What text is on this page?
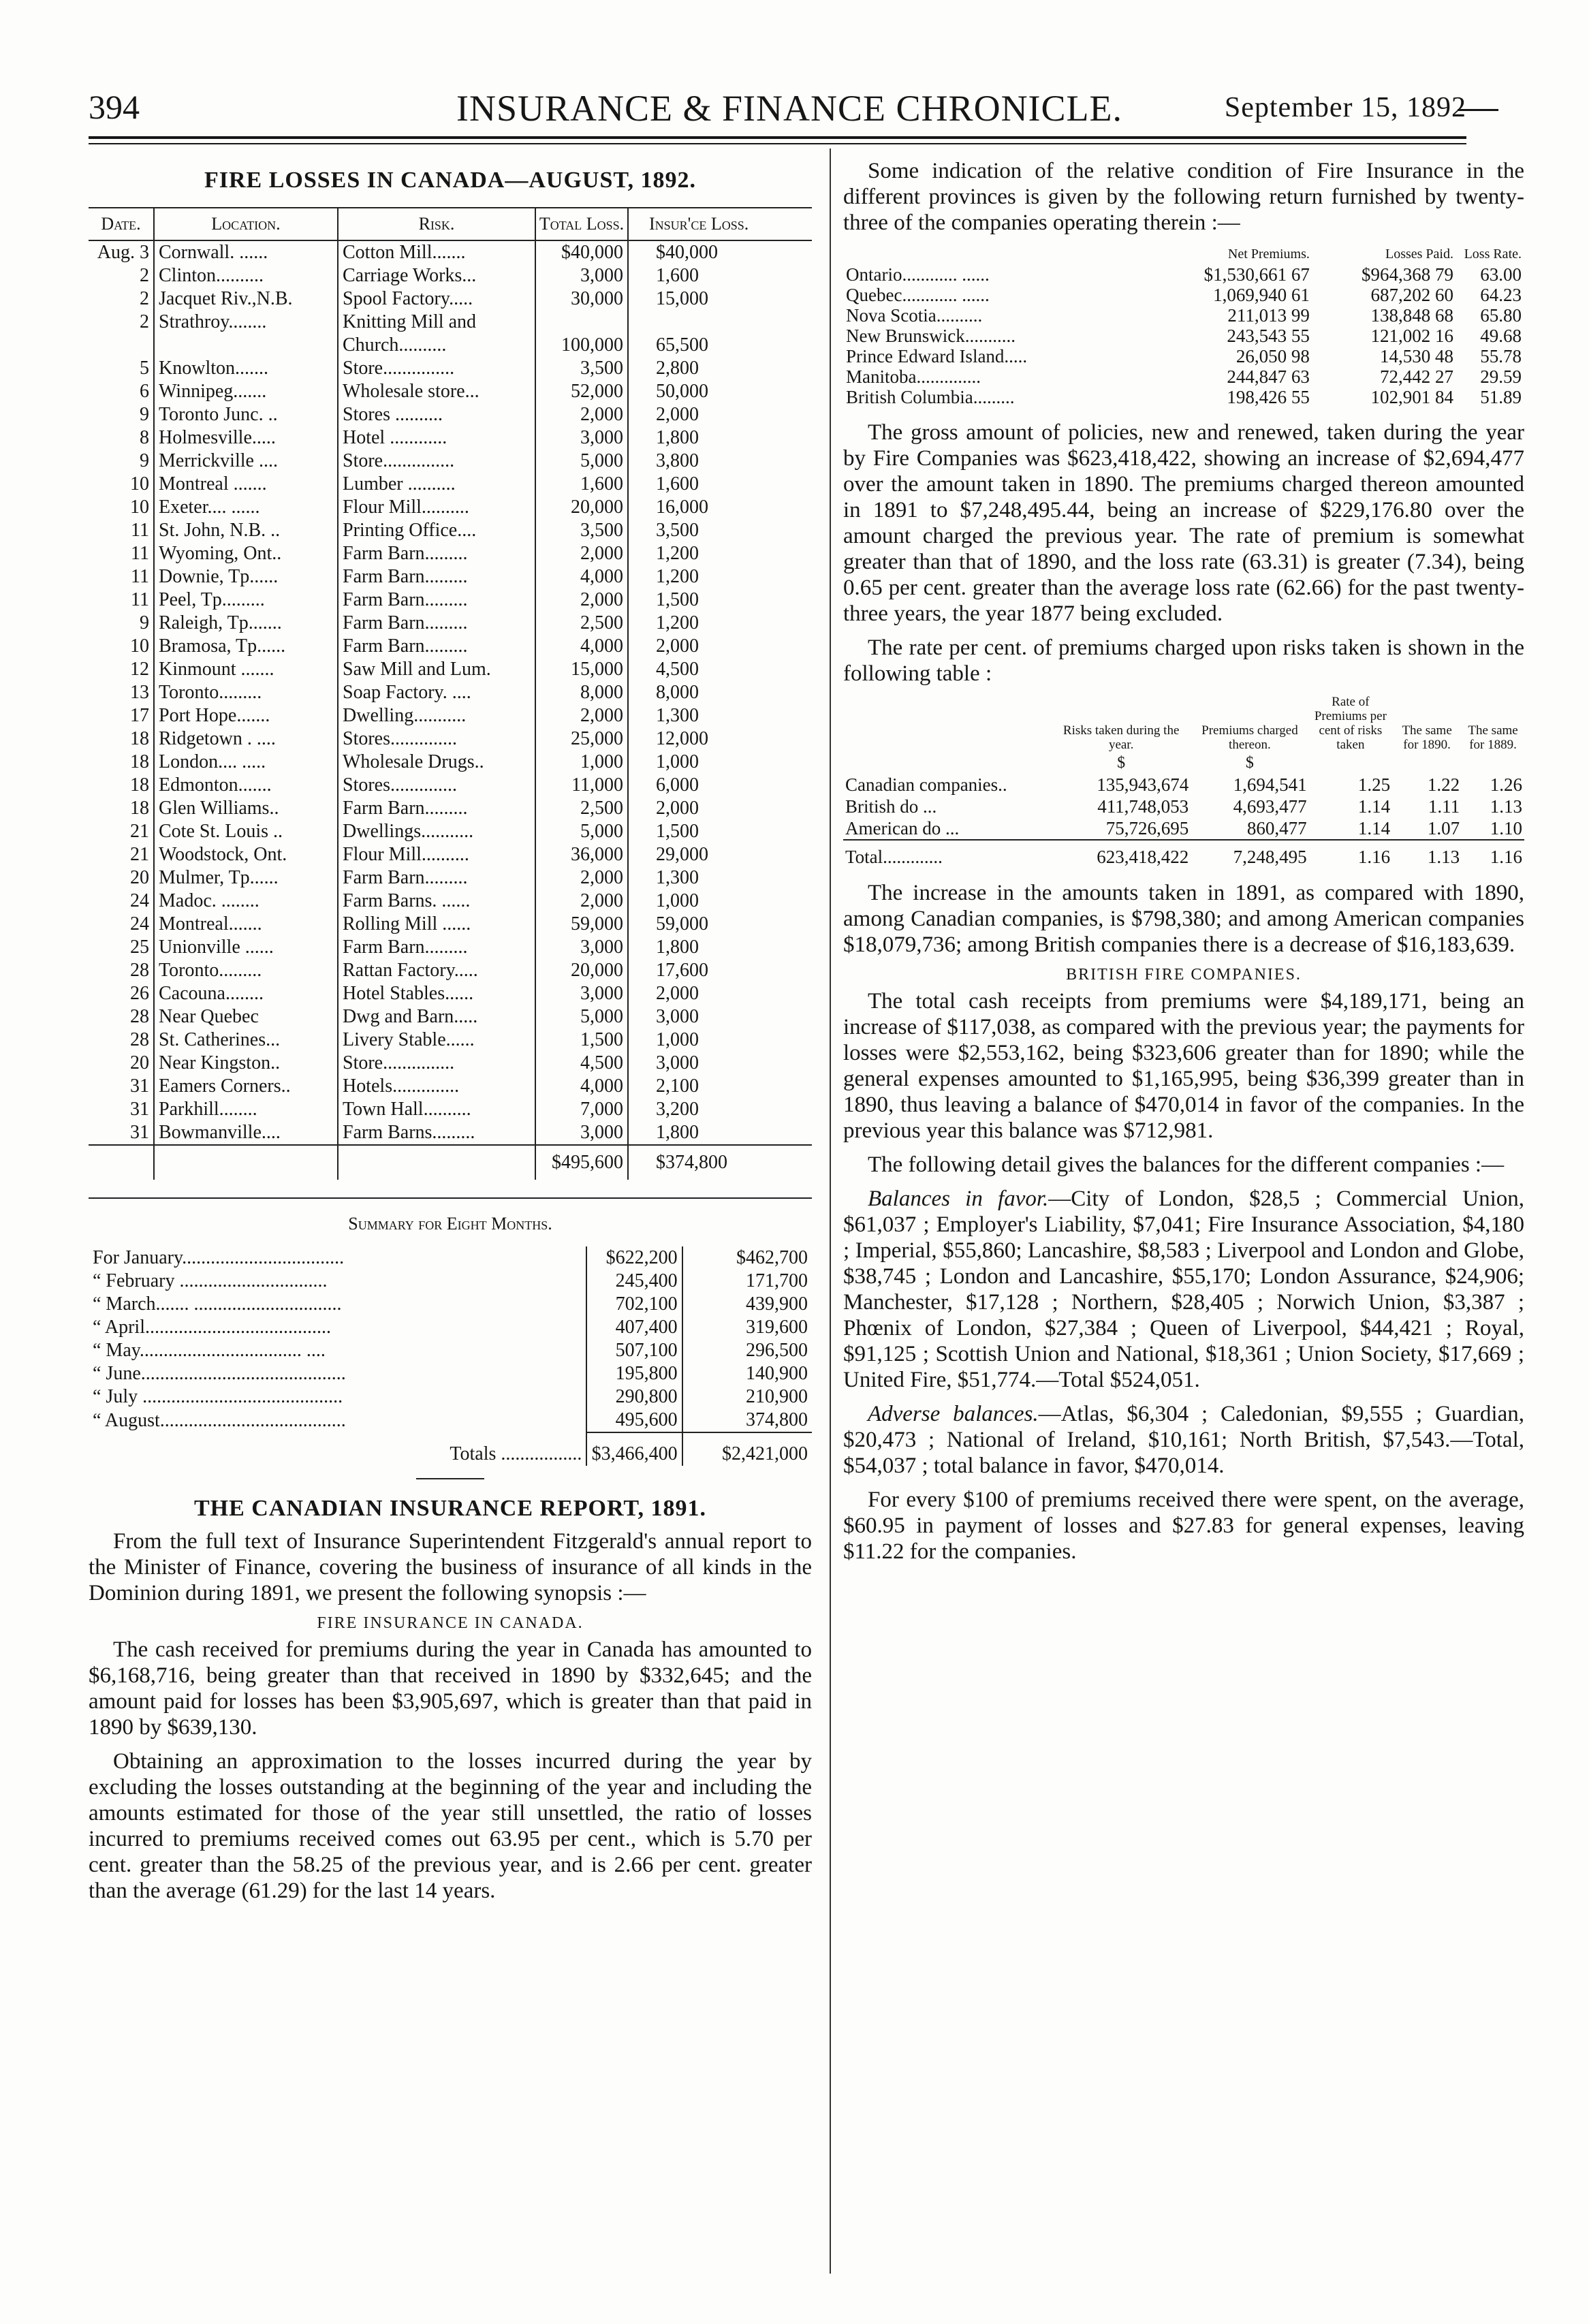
394	INSURANCE & FINANCE CHRONICLE.	September 15, 1892
FIRE LOSSES IN CANADA—AUGUST, 1892.
Date.	Location.	Risk.	Total Loss.	Insur'ce Loss.
Aug. 3	Cornwall. ......	Cotton Mill.......	$40,000	$40,000
2	Clinton..........	Carriage Works...	3,000	1,600
2	Jacquet Riv.,N.B.	Spool Factory.....	30,000	15,000
2	Strathroy........	Knitting Mill and		
		Church..........	100,000	65,500
5	Knowlton.......	Store...............	3,500	2,800
6	Winnipeg.......	Wholesale store...	52,000	50,000
9	Toronto Junc. ..	Stores ..........	2,000	2,000
8	Holmesville.....	Hotel ............	3,000	1,800
9	Merrickville ....	Store...............	5,000	3,800
10	Montreal .......	Lumber ..........	1,600	1,600
10	Exeter.... ......	Flour Mill..........	20,000	16,000
11	St. John, N.B. ..	Printing Office....	3,500	3,500
11	Wyoming, Ont..	Farm Barn.........	2,000	1,200
11	Downie, Tp......	Farm Barn.........	4,000	1,200
11	Peel, Tp.........	Farm Barn.........	2,000	1,500
9	Raleigh, Tp.......	Farm Barn.........	2,500	1,200
10	Bramosa, Tp......	Farm Barn.........	4,000	2,000
12	Kinmount .......	Saw Mill and Lum.	15,000	4,500
13	Toronto.........	Soap Factory. ....	8,000	8,000
17	Port Hope.......	Dwelling...........	2,000	1,300
18	Ridgetown . ....	Stores..............	25,000	12,000
18	London.... .....	Wholesale Drugs..	1,000	1,000
18	Edmonton.......	Stores..............	11,000	6,000
18	Glen Williams..	Farm Barn.........	2,500	2,000
21	Cote St. Louis ..	Dwellings...........	5,000	1,500
21	Woodstock, Ont.	Flour Mill..........	36,000	29,000
20	Mulmer, Tp......	Farm Barn.........	2,000	1,300
24	Madoc. ........	Farm Barns. ......	2,000	1,000
24	Montreal.......	Rolling Mill ......	59,000	59,000
25	Unionville ......	Farm Barn.........	3,000	1,800
28	Toronto.........	Rattan Factory.....	20,000	17,600
26	Cacouna........	Hotel Stables......	3,000	2,000
28	Near Quebec	Dwg and Barn.....	5,000	3,000
28	St. Catherines...	Livery Stable......	1,500	1,000
20	Near Kingston..	Store...............	4,500	3,000
31	Eamers Corners..	Hotels..............	4,000	2,100
31	Parkhill........	Town Hall..........	7,000	3,200
31	Bowmanville....	Farm Barns.........	3,000	1,800
			$495,600	$374,800
Summary for Eight Months.
For January..................................	$622,200	$462,700
“ February ...............................	245,400	171,700
“ March....... ...............................	702,100	439,900
“ April.......................................	407,400	319,600
“ May.................................. ....	507,100	296,500
“ June...........................................	195,800	140,900
“ July ..........................................	290,800	210,900
“ August.......................................	495,600	374,800
Totals .................	$3,466,400	$2,421,000
THE CANADIAN INSURANCE REPORT, 1891.

From the full text of Insurance Superintendent Fitzgerald's annual report to the Minister of Finance, covering the business of insurance of all kinds in the Dominion during 1891, we present the following synopsis :—

FIRE INSURANCE IN CANADA.

The cash received for premiums during the year in Canada has amounted to $6,168,716, being greater than that received in 1890 by $332,645; and the amount paid for losses has been $3,905,697, which is greater than that paid in 1890 by $639,130.

Obtaining an approximation to the losses incurred during the year by excluding the losses outstanding at the beginning of the year and including the amounts estimated for those of the year still unsettled, the ratio of losses incurred to premiums received comes out 63.95 per cent., which is 5.70 per cent. greater than the 58.25 of the previous year, and is 2.66 per cent. greater than the average (61.29) for the last 14 years.

Some indication of the relative condition of Fire Insurance in the different provinces is given by the following return furnished by twenty-three of the companies operating therein :—

	Net Premiums.	Losses Paid.	Loss Rate.
Ontario............ ......	$1,530,661 67	$964,368 79	63.00
Quebec............ ......	1,069,940 61	687,202 60	64.23
Nova Scotia..........	211,013 99	138,848 68	65.80
New Brunswick...........	243,543 55	121,002 16	49.68
Prince Edward Island.....	26,050 98	14,530 48	55.78
Manitoba..............	244,847 63	72,442 27	29.59
British Columbia.........	198,426 55	102,901 84	51.89

The gross amount of policies, new and renewed, taken during the year by Fire Companies was $623,418,422, showing an increase of $2,694,477 over the amount taken in 1890. The premiums charged thereon amounted in 1891 to $7,248,495.44, being an increase of $229,176.80 over the amount charged the previous year. The rate of premium is somewhat greater than that of 1890, and the loss rate (63.31) is greater (7.34), being 0.65 per cent. greater than the average loss rate (62.66) for the past twenty-three years, the year 1877 being excluded.

The rate per cent. of premiums charged upon risks taken is shown in the following table :

	Risks taken during the year.	Premiums charged thereon.	Rate of Premiums per cent of risks taken	The same for 1890.	The same for 1889.
	$	$			
Canadian companies..	135,943,674	1,694,541	1.25	1.22	1.26
British do ...	411,748,053	4,693,477	1.14	1.11	1.13
American do ...	75,726,695	860,477	1.14	1.07	1.10
Total.............	623,418,422	7,248,495	1.16	1.13	1.16

The increase in the amounts taken in 1891, as compared with 1890, among Canadian companies, is $798,380; and among American companies $18,079,736; among British companies there is a decrease of $16,183,639.

BRITISH FIRE COMPANIES.

The total cash receipts from premiums were $4,189,171, being an increase of $117,038, as compared with the previous year; the payments for losses were $2,553,162, being $323,606 greater than for 1890; while the general expenses amounted to $1,165,995, being $36,399 greater than in 1890, thus leaving a balance of $470,014 in favor of the companies. In the previous year this balance was $712,981.

The following detail gives the balances for the different companies :—

Balances in favor.—City of London, $28,5 ; Commercial Union, $61,037 ; Employer's Liability, $7,041; Fire Insurance Association, $4,180 ; Imperial, $55,860; Lancashire, $8,583 ; Liverpool and London and Globe, $38,745 ; London and Lancashire, $55,170; London Assurance, $24,906; Manchester, $17,128 ; Northern, $28,405 ; Norwich Union, $3,387 ; Phœnix of London, $27,384 ; Queen of Liverpool, $44,421 ; Royal, $91,125 ; Scottish Union and National, $18,361 ; Union Society, $17,669 ; United Fire, $51,774.—Total $524,051.

Adverse balances.—Atlas, $6,304 ; Caledonian, $9,555 ; Guardian, $20,473 ; National of Ireland, $10,161; North British, $7,543.—Total, $54,037 ; total balance in favor, $470,014.

For every $100 of premiums received there were spent, on the average, $60.95 in payment of losses and $27.83 for general expenses, leaving $11.22 for the companies.
